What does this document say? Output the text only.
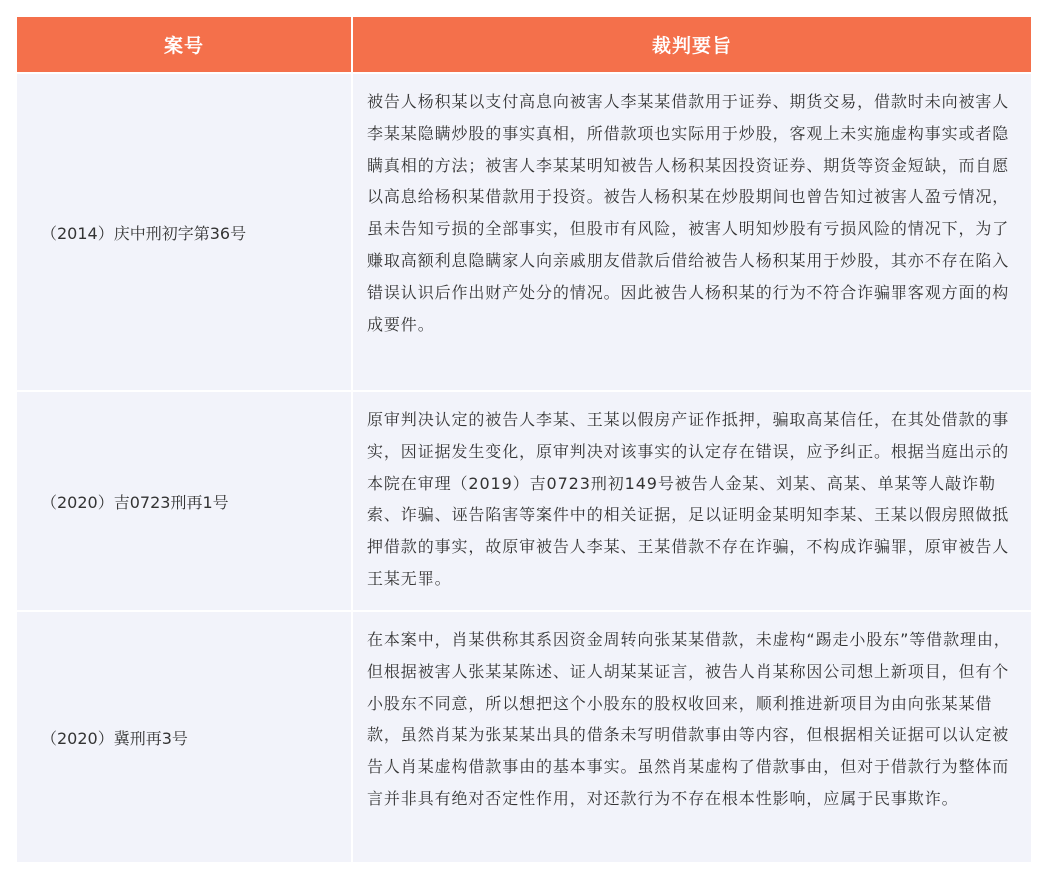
案号	裁判要旨
（2014）庆中刑初字第36号
被告人杨积某以支付高息向被害人李某某借款用于证券、期货交易，借款时未向被害人李某某隐瞒炒股的事实真相，所借款项也实际用于炒股，客观上未实施虚构事实或者隐瞒真相的方法；被害人李某某明知被告人杨积某因投资证券、期货等资金短缺，而自愿以高息给杨积某借款用于投资。被告人杨积某在炒股期间也曾告知过被害人盈亏情况，虽未告知亏损的全部事实，但股市有风险，被害人明知炒股有亏损风险的情况下，为了赚取高额利息隐瞒家人向亲戚朋友借款后借给被告人杨积某用于炒股，其亦不存在陷入错误认识后作出财产处分的情况。因此被告人杨积某的行为不符合诈骗罪客观方面的构成要件。
（2020）吉0723刑再1号
原审判决认定的被告人李某、王某以假房产证作抵押，骗取高某信任，在其处借款的事实，因证据发生变化，原审判决对该事实的认定存在错误，应予纠正。根据当庭出示的本院在审理（2019）吉0723刑初149号被告人金某、刘某、高某、单某等人敲诈勒索、诈骗、诬告陷害等案件中的相关证据，足以证明金某明知李某、王某以假房照做抵押借款的事实，故原审被告人李某、王某借款不存在诈骗，不构成诈骗罪，原审被告人王某无罪。
（2020）冀刑再3号
在本案中，肖某供称其系因资金周转向张某某借款，未虚构“踢走小股东”等借款理由，但根据被害人张某某陈述、证人胡某某证言，被告人肖某称因公司想上新项目，但有个小股东不同意，所以想把这个小股东的股权收回来，顺利推进新项目为由向张某某借款，虽然肖某为张某某出具的借条未写明借款事由等内容，但根据相关证据可以认定被告人肖某虚构借款事由的基本事实。虽然肖某虚构了借款事由，但对于借款行为整体而言并非具有绝对否定性作用，对还款行为不存在根本性影响，应属于民事欺诈。
